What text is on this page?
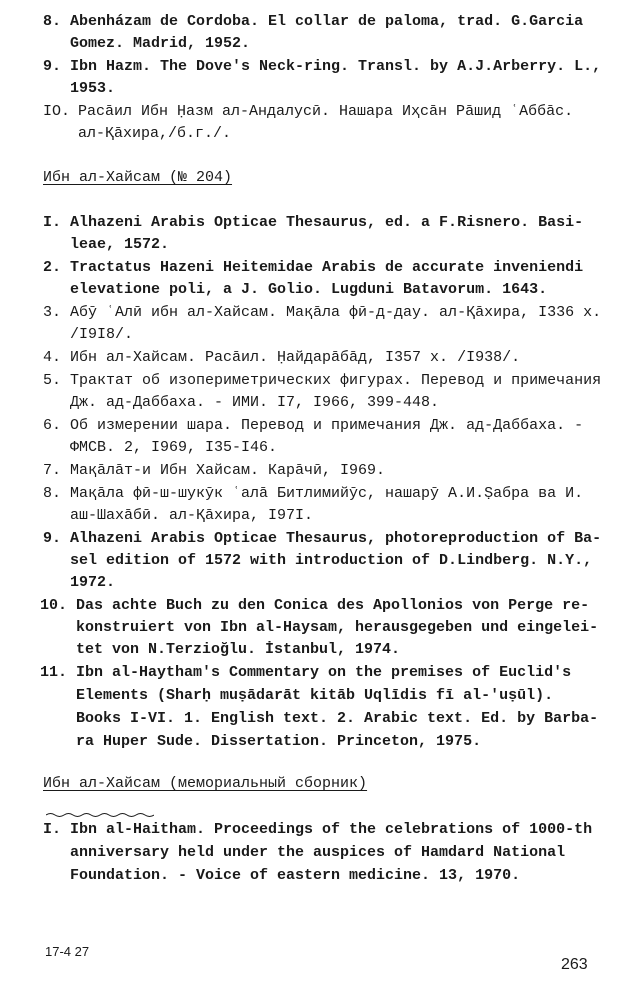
8. Abenházam de Cordoba. El collar de paloma, trad. G.Garcia
Gomez. Madrid, 1952.
9. Ibn Hazm. The Dove's Neck-ring. Transl. by A.J.Arberry. L.,
1953.
IO. Расāил Ибн Ḥазм ал-Андалусӣ. Нашара Иҳсāн Рāшид ʿАббāс.
ал-Қāхира,/б.г./.
Ибн ал-Хайсам (№ 204)
I. Alhazeni Arabis Opticae Thesaurus, ed. a F.Risnero. Basi-
leae, 1572.
2. Tractatus Hazeni Heitemidae Arabis de accurate inveniendi
elevatione poli, a J. Golio. Lugduni Batavorum. 1643.
3. Абӯ ʿАлӣ ибн ал-Хайсам. Мақāла фӣ-д-дау. ал-Қāхира, I336 х.
/I9I8/.
4. Ибн ал-Хайсам. Расāил. Ḥайдарāбāд, I357 х. /I938/.
5. Трактат об изопериметрических фигурах. Перевод и примечания
Дж. ад-Даббаха. - ИМИ. I7, I966, 399-448.
6. Об измерении шара. Перевод и примечания Дж. ад-Даббаха. -
ФМСВ. 2, I969, I35-I46.
7. Мақāлāт-и Ибн Хайсам. Карāчӣ, I969.
8. Мақāла фӣ-ш-шукӯк ʿалā Битлимийӯс, нашарӯ А.И.Ṣабра ва И.
аш-Шахāбӣ. ал-Қāхира, I97I.
9. Alhazeni Arabis Opticae Thesaurus, photoreproduction of Ba-
sel edition of 1572 with introduction of D.Lindberg. N.Y.,
1972.
10. Das achte Buch zu den Conica des Apollonios von Perge re-
konstruiert von Ibn al-Haysam, herausgegeben und eingelei-
tet von N.Terzioğlu. İstanbul, 1974.
11. Ibn al-Haytham's Commentary on the premises of Euclid's
Elements (Sharḥ muṣādarāt kitāb Uqlīdis fī al-'uṣūl).
Books I-VI. 1. English text. 2. Arabic text. Ed. by Barba-
ra Huper Sude. Dissertation. Princeton, 1975.
Ибн ал-Хайсам (мемориальный сборник)
I. Ibn al-Haitham. Proceedings of the celebrations of 1000-th
anniversary held under the auspices of Hamdard National
Foundation. - Voice of eastern medicine. 13, 1970.
17-4 27
263
